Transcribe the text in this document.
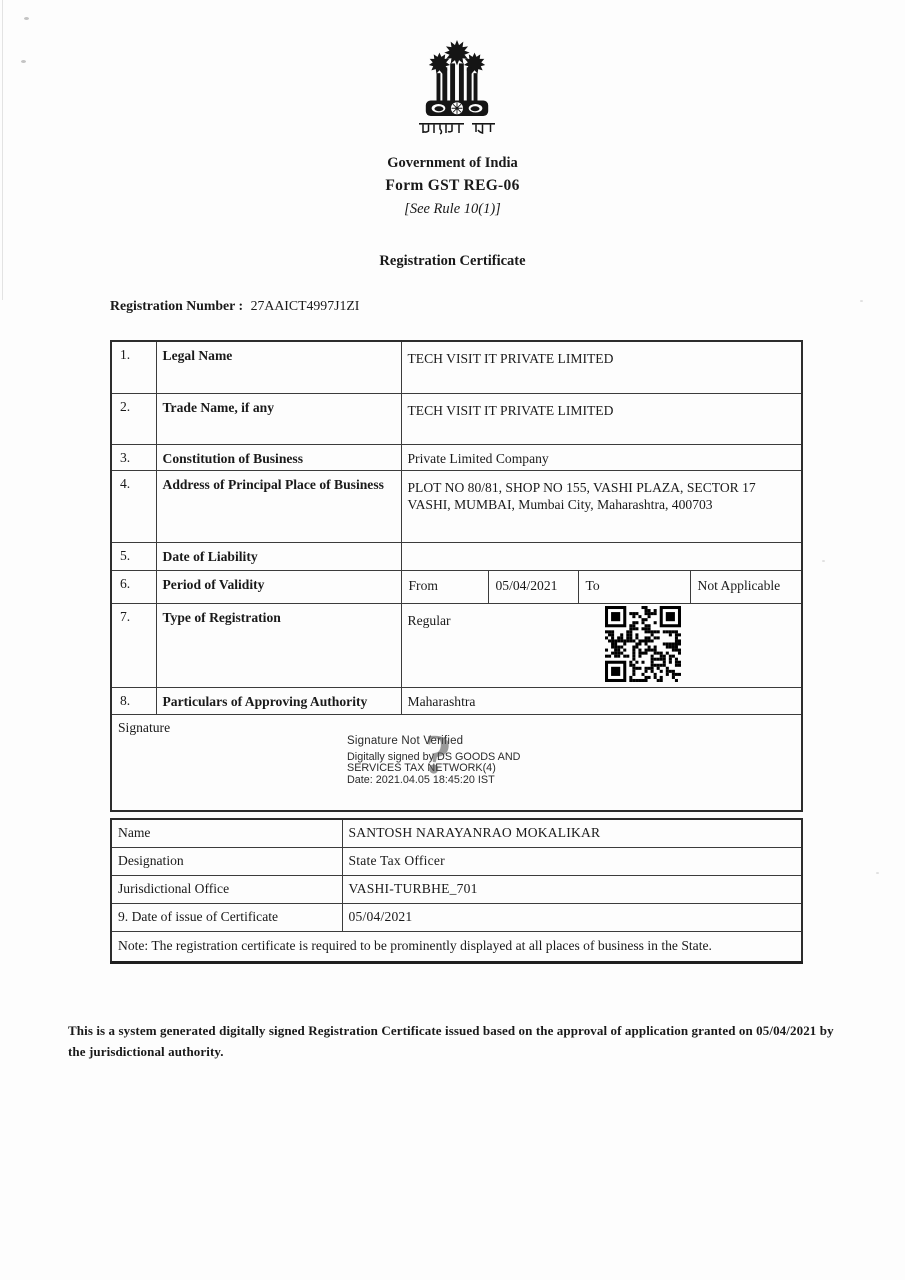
Government of India
Form GST REG-06
[See Rule 10(1)]
Registration Certificate
Registration Number : 27AAICT4997J1ZI
1.	Legal Name	TECH VISIT IT PRIVATE LIMITED
2.	Trade Name, if any	TECH VISIT IT PRIVATE LIMITED
3.	Constitution of Business	Private Limited Company
4.	Address of Principal Place of Business	PLOT NO 80/81, SHOP NO 155, VASHI PLAZA, SECTOR 17 VASHI, MUMBAI, Mumbai City, Maharashtra, 400703
5.	Date of Liability	
6.	Period of Validity	From 05/04/2021 To Not Applicable

7.	Type of Registration	Regular

8.	Particulars of Approving Authority	Maharashtra

Signature
Signature Not Verified
Digitally signed by DS GOODS AND
SERVICES TAX NETWORK(4)
Date: 2021.04.05 18:45:20 IST
?
Name	SANTOSH NARAYANRAO MOKALIKAR
Designation	State Tax Officer
Jurisdictional Office	VASHI-TURBHE_701
9. Date of issue of Certificate	05/04/2021
Note: The registration certificate is required to be prominently displayed at all places of business in the State.	
This is a system generated digitally signed Registration Certificate issued based on the approval of application granted on 05/04/2021 by the jurisdictional authority.
